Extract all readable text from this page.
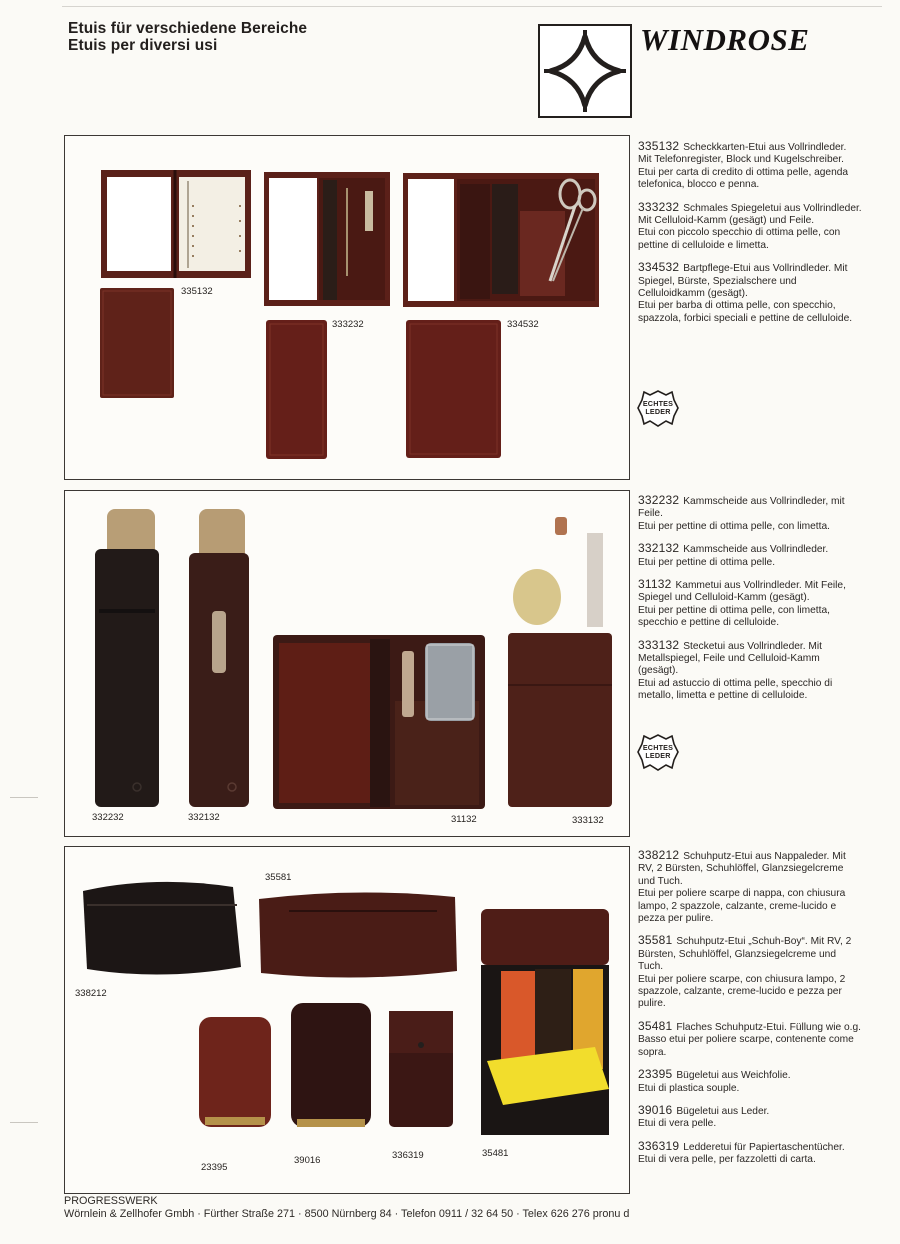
Etuis für verschiedene Bereiche
Etuis per diversi usi	WINDROSE
335132
333232	334532
335132 Scheckkarten-Etui aus Vollrindleder. Mit Telefonregister, Block und Kugelschreiber.
Etui per carta di credito di ottima pelle, agenda telefonica, blocco e penna.
333232 Schmales Spiegeletui aus Vollrindleder. Mit Celluloid-Kamm (gesägt) und Feile.
Etui con piccolo specchio di ottima pelle, con pettine di celluloide e limetta.
334532 Bartpflege-Etui aus Vollrindleder. Mit Spiegel, Bürste, Spezialschere und Celluloidkamm (gesägt).
Etui per barba di ottima pelle, con specchio, spazzola, forbici speciali e pettine de celluloide.
ECHTES
LEDER
332232	332132	31132	333132
332232 Kammscheide aus Vollrindleder, mit Feile.
Etui per pettine di ottima pelle, con limetta.
332132 Kammscheide aus Vollrindleder.
Etui per pettine di ottima pelle.
31132 Kammetui aus Vollrindleder. Mit Feile, Spiegel und Celluloid-Kamm (gesägt).
Etui per pettine di ottima pelle, con limetta, specchio e pettine di celluloide.
333132 Stecketui aus Vollrindleder. Mit Metallspiegel, Feile und Celluloid-Kamm (gesägt).
Etui ad astuccio di ottima pelle, specchio di metallo, limetta e pettine di celluloide.
ECHTES
LEDER
338212
35581
23395
39016	336319	35481
338212 Schuhputz-Etui aus Nappaleder. Mit RV, 2 Bürsten, Schuhlöffel, Glanzsiegelcreme und Tuch.
Etui per poliere scarpe di nappa, con chiusura lampo, 2 spazzole, calzante, creme-lucido e pezza per pulire.
35581 Schuhputz-Etui „Schuh-Boy“. Mit RV, 2 Bürsten, Schuhlöffel, Glanzsiegelcreme und Tuch.
Etui per poliere scarpe, con chiusura lampo, 2 spazzole, calzante, creme-lucido e pezza per pulire.
35481 Flaches Schuhputz-Etui. Füllung wie o.g.
Basso etui per poliere scarpe, contenente come sopra.
23395 Bügeletui aus Weichfolie.
Etui di plastica souple.
39016 Bügeletui aus Leder.
Etui di vera pelle.
336319 Ledderetui für Papiertaschentücher.
Etui di vera pelle, per fazzoletti di carta.
PROGRESSWERK
Wörnlein & Zellhofer Gmbh · Fürther Straße 271 · 8500 Nürnberg 84 · Telefon 0911 / 32 64 50 · Telex 626 276 pronu d
